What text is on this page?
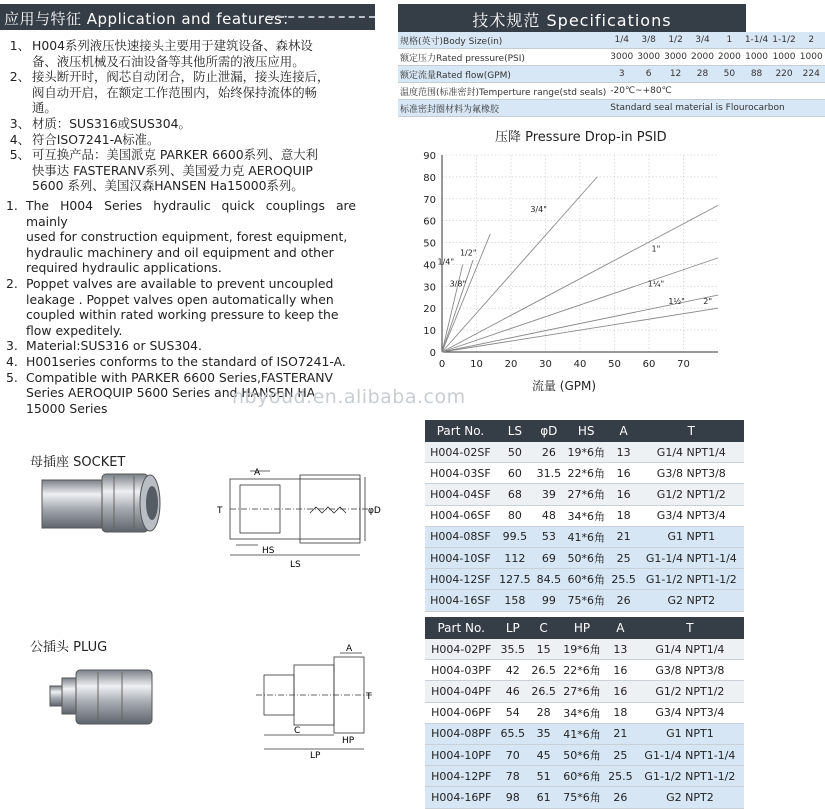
应用与特征 Application and features：	技术规范 Specifications
1、 H004系列液压快速接头主要用于建筑设备、森林设

备、液压机械及石油设备等其他所需的液压应用。

2、 接头断开时，阀芯自动闭合，防止泄漏，接头连接后，

阀自动开启，在额定工作范围内，始终保持流体的畅

通。

3、 材质：SUS316或SUS304。

4、 符合ISO7241-A标准。

5、 可互换产品：美国派克 PARKER 6600系列、意大利

快事达 FASTERANV系列、美国爱力克 AEROQUIP

5600 系列、美国汉森HANSEN Ha15000系列。

1. The H004 Series hydraulic quick couplings are mainly

used for construction equipment, forest equipment,

hydraulic machinery and oil equipment and other

required hydraulic applications.

2. Poppet valves are available to prevent uncoupled

leakage . Poppet valves open automatically when

coupled within rated working pressure to keep the

flow expeditely.

3. Material:SUS316 or SUS304.

4. H001series conforms to the standard of ISO7241-A.

5. Compatible with PARKER 6600 Series,FASTERANV

Series AEROQUIP 5600 Series and HANSEN HA

15000 Series

规格(英寸)Body Size(in)	1/4	3/8	1/2	3/4	1	1-1/4	1-1/2	2
额定压力Rated pressure(PSI)	3000	3000	3000	2000	2000	1000	1000	1000
额定流量Rated flow(GPM)	3	6	12	28	50	88	220	224
温度范围(标准密封)Temperture range(std seals)	-20℃~+80℃							
标准密封圈材料为氟橡胶	Standard seal material is Flourocarbon							
压降 Pressure Drop-in PSID
0
10
20
30
40
50
60
70
80
90
0 10 20 30 40 50 60 70
1/4"
3/8"
1/2"
3/4"
1"
1¼"
1½" 2"
流量 (GPM)
nbyoud.en.alibaba.com
母插座 SOCKET
A
T	φD
HS
LS
Part No.	LS	φD	HS	A	T
H004-02SF	50	26	19*6角	13	G1/4 NPT1/4
H004-03SF	60	31.5	22*6角	16	G3/8 NPT3/8
H004-04SF	68	39	27*6角	16	G1/2 NPT1/2
H004-06SF	80	48	34*6角	18	G3/4 NPT3/4
H004-08SF	99.5	53	41*6角	21	G1 NPT1
H004-10SF	112	69	50*6角	25	G1-1/4 NPT1-1/4
H004-12SF	127.5	84.5	60*6角	25.5	G1-1/2 NPT1-1/2
H004-16SF	158	99	75*6角	26	G2 NPT2
公插头 PLUG	A
T
C
HP
LP
Part No.	LP	C	HP	A	T
H004-02PF	35.5	15	19*6角	13	G1/4 NPT1/4
H004-03PF	42	26.5	22*6角	16	G3/8 NPT3/8
H004-04PF	46	26.5	27*6角	16	G1/2 NPT1/2
H004-06PF	54	28	34*6角	18	G3/4 NPT3/4
H004-08PF	65.5	35	41*6角	21	G1 NPT1
H004-10PF	70	45	50*6角	25	G1-1/4 NPT1-1/4
H004-12PF	78	51	60*6角	25.5	G1-1/2 NPT1-1/2
H004-16PF	98	61	75*6角	26	G2 NPT2
